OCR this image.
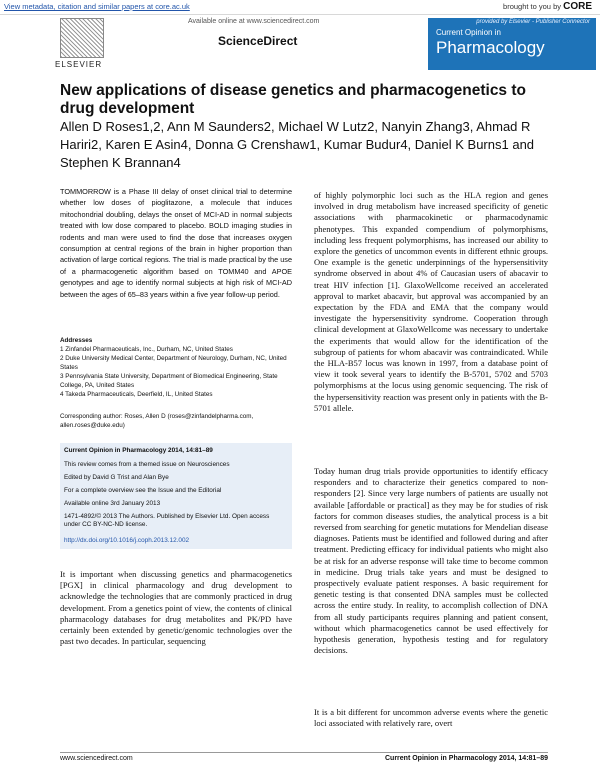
View metadata, citation and similar papers at core.ac.uk	brought to you by CORE
ELSEVIER
Available online at www.sciencedirect.com
ScienceDirect
provided by Elsevier - Publisher Connector
Current Opinion in
Pharmacology
New applications of disease genetics and pharmacogenetics to drug development
Allen D Roses1,2, Ann M Saunders2, Michael W Lutz2, Nanyin Zhang3, Ahmad R Hariri2, Karen E Asin4, Donna G Crenshaw1, Kumar Budur4, Daniel K Burns1 and Stephen K Brannan4
TOMMORROW is a Phase III delay of onset clinical trial to determine whether low doses of pioglitazone, a molecule that induces mitochondrial doubling, delays the onset of MCI-AD in normal subjects treated with low dose compared to placebo. BOLD imaging studies in rodents and man were used to find the dose that increases oxygen consumption at central regions of the brain in higher proportion than activation of large cortical regions. The trial is made practical by the use of a pharmacogenetic algorithm based on TOMM40 and APOE genotypes and age to identify normal subjects at high risk of MCI-AD between the ages of 65–83 years within a five year follow-up period.
Addresses
1 Zinfandel Pharmaceuticals, Inc., Durham, NC, United States
2 Duke University Medical Center, Department of Neurology, Durham, NC, United States
3 Pennsylvania State University, Department of Biomedical Engineering, State College, PA, United States
4 Takeda Pharmaceuticals, Deerfield, IL, United States
Corresponding author: Roses, Allen D (roses@zinfandelpharma.com, allen.roses@duke.edu)
Current Opinion in Pharmacology 2014, 14:81–89
This review comes from a themed issue on Neurosciences
Edited by David G Trist and Alan Bye
For a complete overview see the Issue and the Editorial
Available online 3rd January 2013
1471-4892/© 2013 The Authors. Published by Elsevier Ltd. Open access under CC BY-NC-ND license.
http://dx.doi.org/10.1016/j.coph.2013.12.002
It is important when discussing genetics and pharmacogenetics [PGX] in clinical pharmacology and drug development to acknowledge the technologies that are commonly practiced in drug development. From a genetics point of view, the contents of clinical pharmacology databases for drug metabolites and PK/PD have certainly been extended by genetic/genomic technologies over the past two decades. In particular, sequencing
of highly polymorphic loci such as the HLA region and genes involved in drug metabolism have increased specificity of genetic associations with pharmacokinetic or pharmacodynamic phenotypes. This expanded compendium of polymorphisms, including less frequent polymorphisms, has increased our ability to explore the genetics of uncommon events in different ethnic groups. One example is the genetic underpinnings of the hypersensitivity syndrome observed in about 4% of Caucasian users of abacavir to treat HIV infection [1]. GlaxoWellcome received an accelerated approval to market abacavir, but approval was accompanied by an expectation by the FDA and EMA that the company would investigate the hypersensitivity syndrome. Cooperation through clinical development at GlaxoWellcome was necessary to undertake the experiments that would allow for the identification of the subgroup of patients for whom abacavir was contraindicated. While the HLA-B57 locus was known in 1997, from a database point of view it took several years to identify the B-5701, 5702 and 5703 polymorphisms at the locus using genomic sequencing. The risk of the hypersensitivity reaction was present only in patients with the B-5701 allele.
Today human drug trials provide opportunities to identify efficacy responders and to characterize their genetics compared to non-responders [2]. Since very large numbers of patients are usually not available [affordable or practical] as they may be for studies of risk factors for common diseases studies, the analytical process is a bit reversed from searching for genetic mutations for Mendelian disease diagnoses. Patients must be identified and followed during and after treatment. Predicting efficacy for individual patients who might also be at risk for an adverse response will take time to become common in medicine. Drug trials take years and must be designed to prospectively evaluate patient responses. A basic requirement for genetic testing is that consented DNA samples must be collected across the entire study. In reality, to accomplish collection of DNA from all study participants requires planning and patient consent, without which pharmacogenetics cannot be used effectively for hypothesis generation, hypothesis testing and for regulatory decisions.
It is a bit different for uncommon adverse events where the genetic loci associated with relatively rare, overt
www.sciencedirect.com	Current Opinion in Pharmacology 2014, 14:81–89
